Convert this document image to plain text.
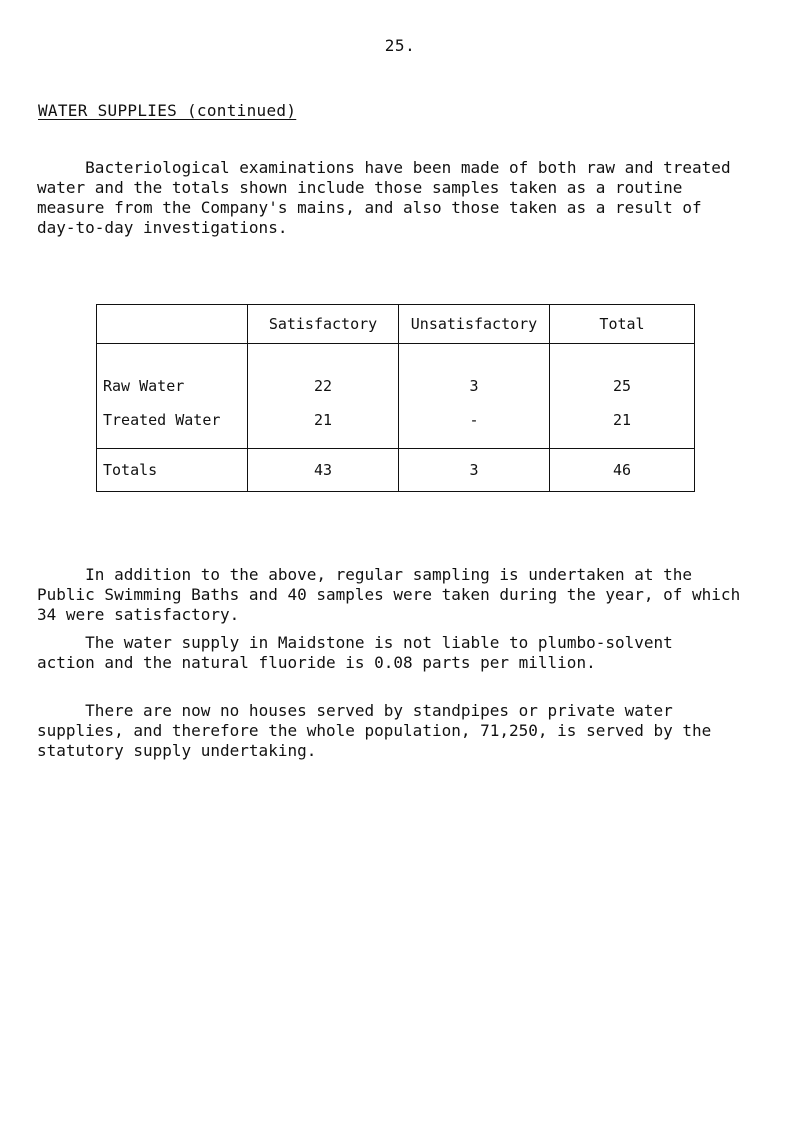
25.
WATER SUPPLIES (continued)

Bacteriological examinations have been made of both raw and treated
water and the totals shown include those samples taken as a routine
measure from the Company's mains, and also those taken as a result of
day-to-day investigations.

	Satisfactory	Unsatisfactory	Total
Raw Water	22	3	25
Treated Water	21	-	21
Totals	43	3	46

In addition to the above, regular sampling is undertaken at the
Public Swimming Baths and 40 samples were taken during the year, of which
34 were satisfactory.

The water supply in Maidstone is not liable to plumbo-solvent
action and the natural fluoride is 0.08 parts per million.

There are now no houses served by standpipes or private water
supplies, and therefore the whole population, 71,250, is served by the
statutory supply undertaking.
